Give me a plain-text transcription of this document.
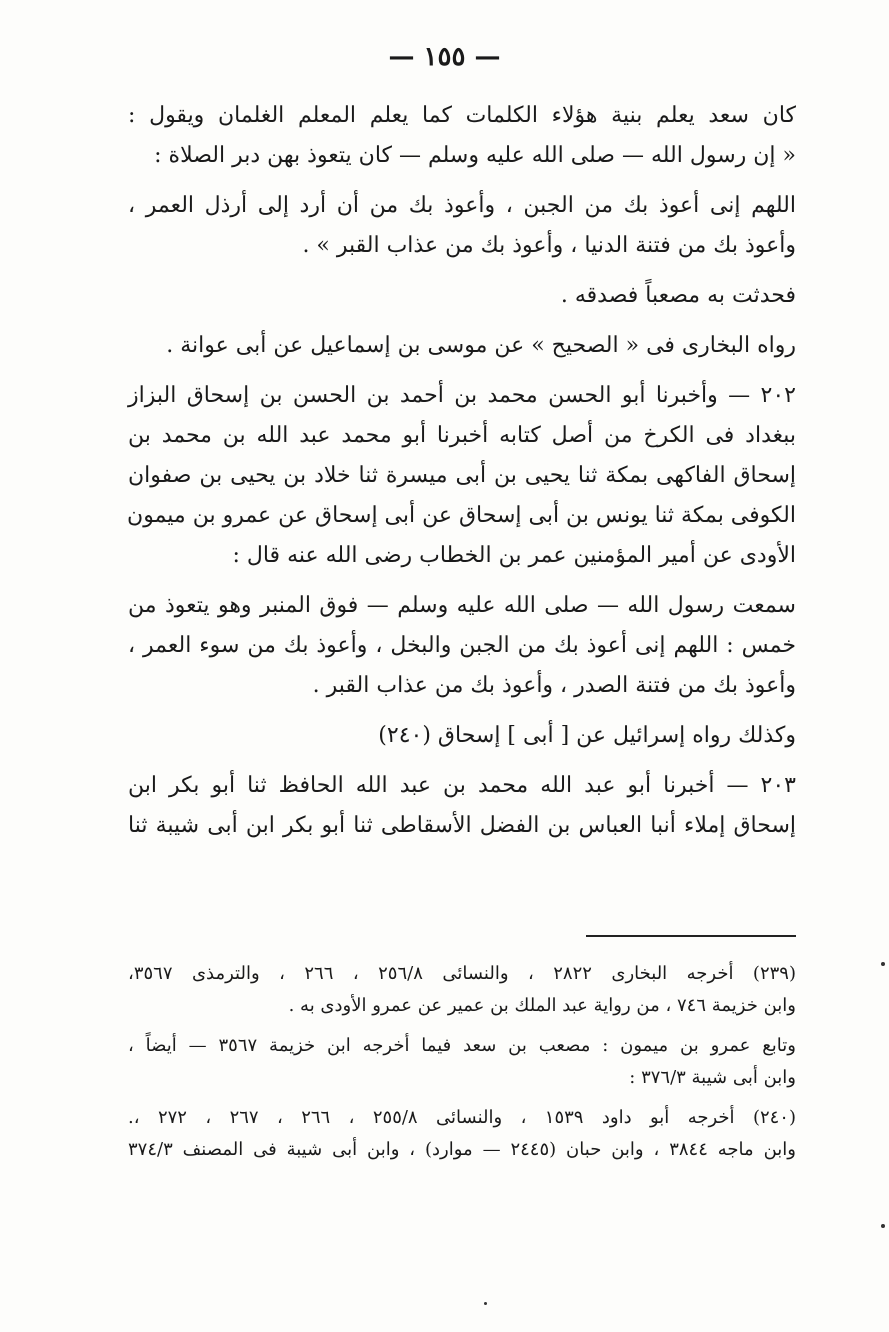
— ١٥٥ —

كان سعد يعلم بنية هؤلاء الكلمات كما يعلم المعلم الغلمان ويقول :
« إن رسول الله — صلى الله عليه وسلم — كان يتعوذ بهن دبر الصلاة :

اللهم إنى أعوذ بك من الجبن ، وأعوذ بك من أن أرد إلى أرذل العمر ،
وأعوذ بك من فتنة الدنيا ، وأعوذ بك من عذاب القبر » .

فحدثت به مصعباً فصدقه .

رواه البخارى فى « الصحيح » عن موسى بن إسماعيل عن أبى عوانة .

٢٠٢ — وأخبرنا أبو الحسن محمد بن أحمد بن الحسن بن إسحاق البزاز
ببغداد فى الكرخ من أصل كتابه أخبرنا أبو محمد عبد الله بن محمد بن
إسحاق الفاكهى بمكة ثنا يحيى بن أبى ميسرة ثنا خلاد بن يحيى بن صفوان
الكوفى بمكة ثنا يونس بن أبى إسحاق عن أبى إسحاق عن عمرو بن ميمون
الأودى عن أمير المؤمنين عمر بن الخطاب رضى الله عنه قال :

سمعت رسول الله — صلى الله عليه وسلم — فوق المنبر وهو يتعوذ من
خمس : اللهم إنى أعوذ بك من الجبن والبخل ، وأعوذ بك من سوء العمر ،
وأعوذ بك من فتنة الصدر ، وأعوذ بك من عذاب القبر .

وكذلك رواه إسرائيل عن [ أبى ] إسحاق (٢٤٠)

٢٠٣ — أخبرنا أبو عبد الله محمد بن عبد الله الحافظ ثنا أبو بكر ابن
إسحاق إملاء أنبا العباس بن الفضل الأسقاطى ثنا أبو بكر ابن أبى شيبة ثنا

(٢٣٩) أخرجه البخارى ٢٨٢٢ ، والنسائى ٢٥٦/٨ ، ٢٦٦ ، والترمذى ٣٥٦٧،
وابن خزيمة ٧٤٦ ، من رواية عبد الملك بن عمير عن عمرو الأودى به .

وتابع عمرو بن ميمون : مصعب بن سعد فيما أخرجه ابن خزيمة ٣٥٦٧ — أيضاً ،
وابن أبى شيبة ٣٧٦/٣ :

(٢٤٠) أخرجه أبو داود ١٥٣٩ ، والنسائى ٢٥٥/٨ ، ٢٦٦ ، ٢٦٧ ، ٢٧٢ ،.
وابن ماجه ٣٨٤٤ ، وابن حبان (٢٤٤٥ — موارد) ، وابن أبى شيبة فى المصنف ٣٧٤/٣
